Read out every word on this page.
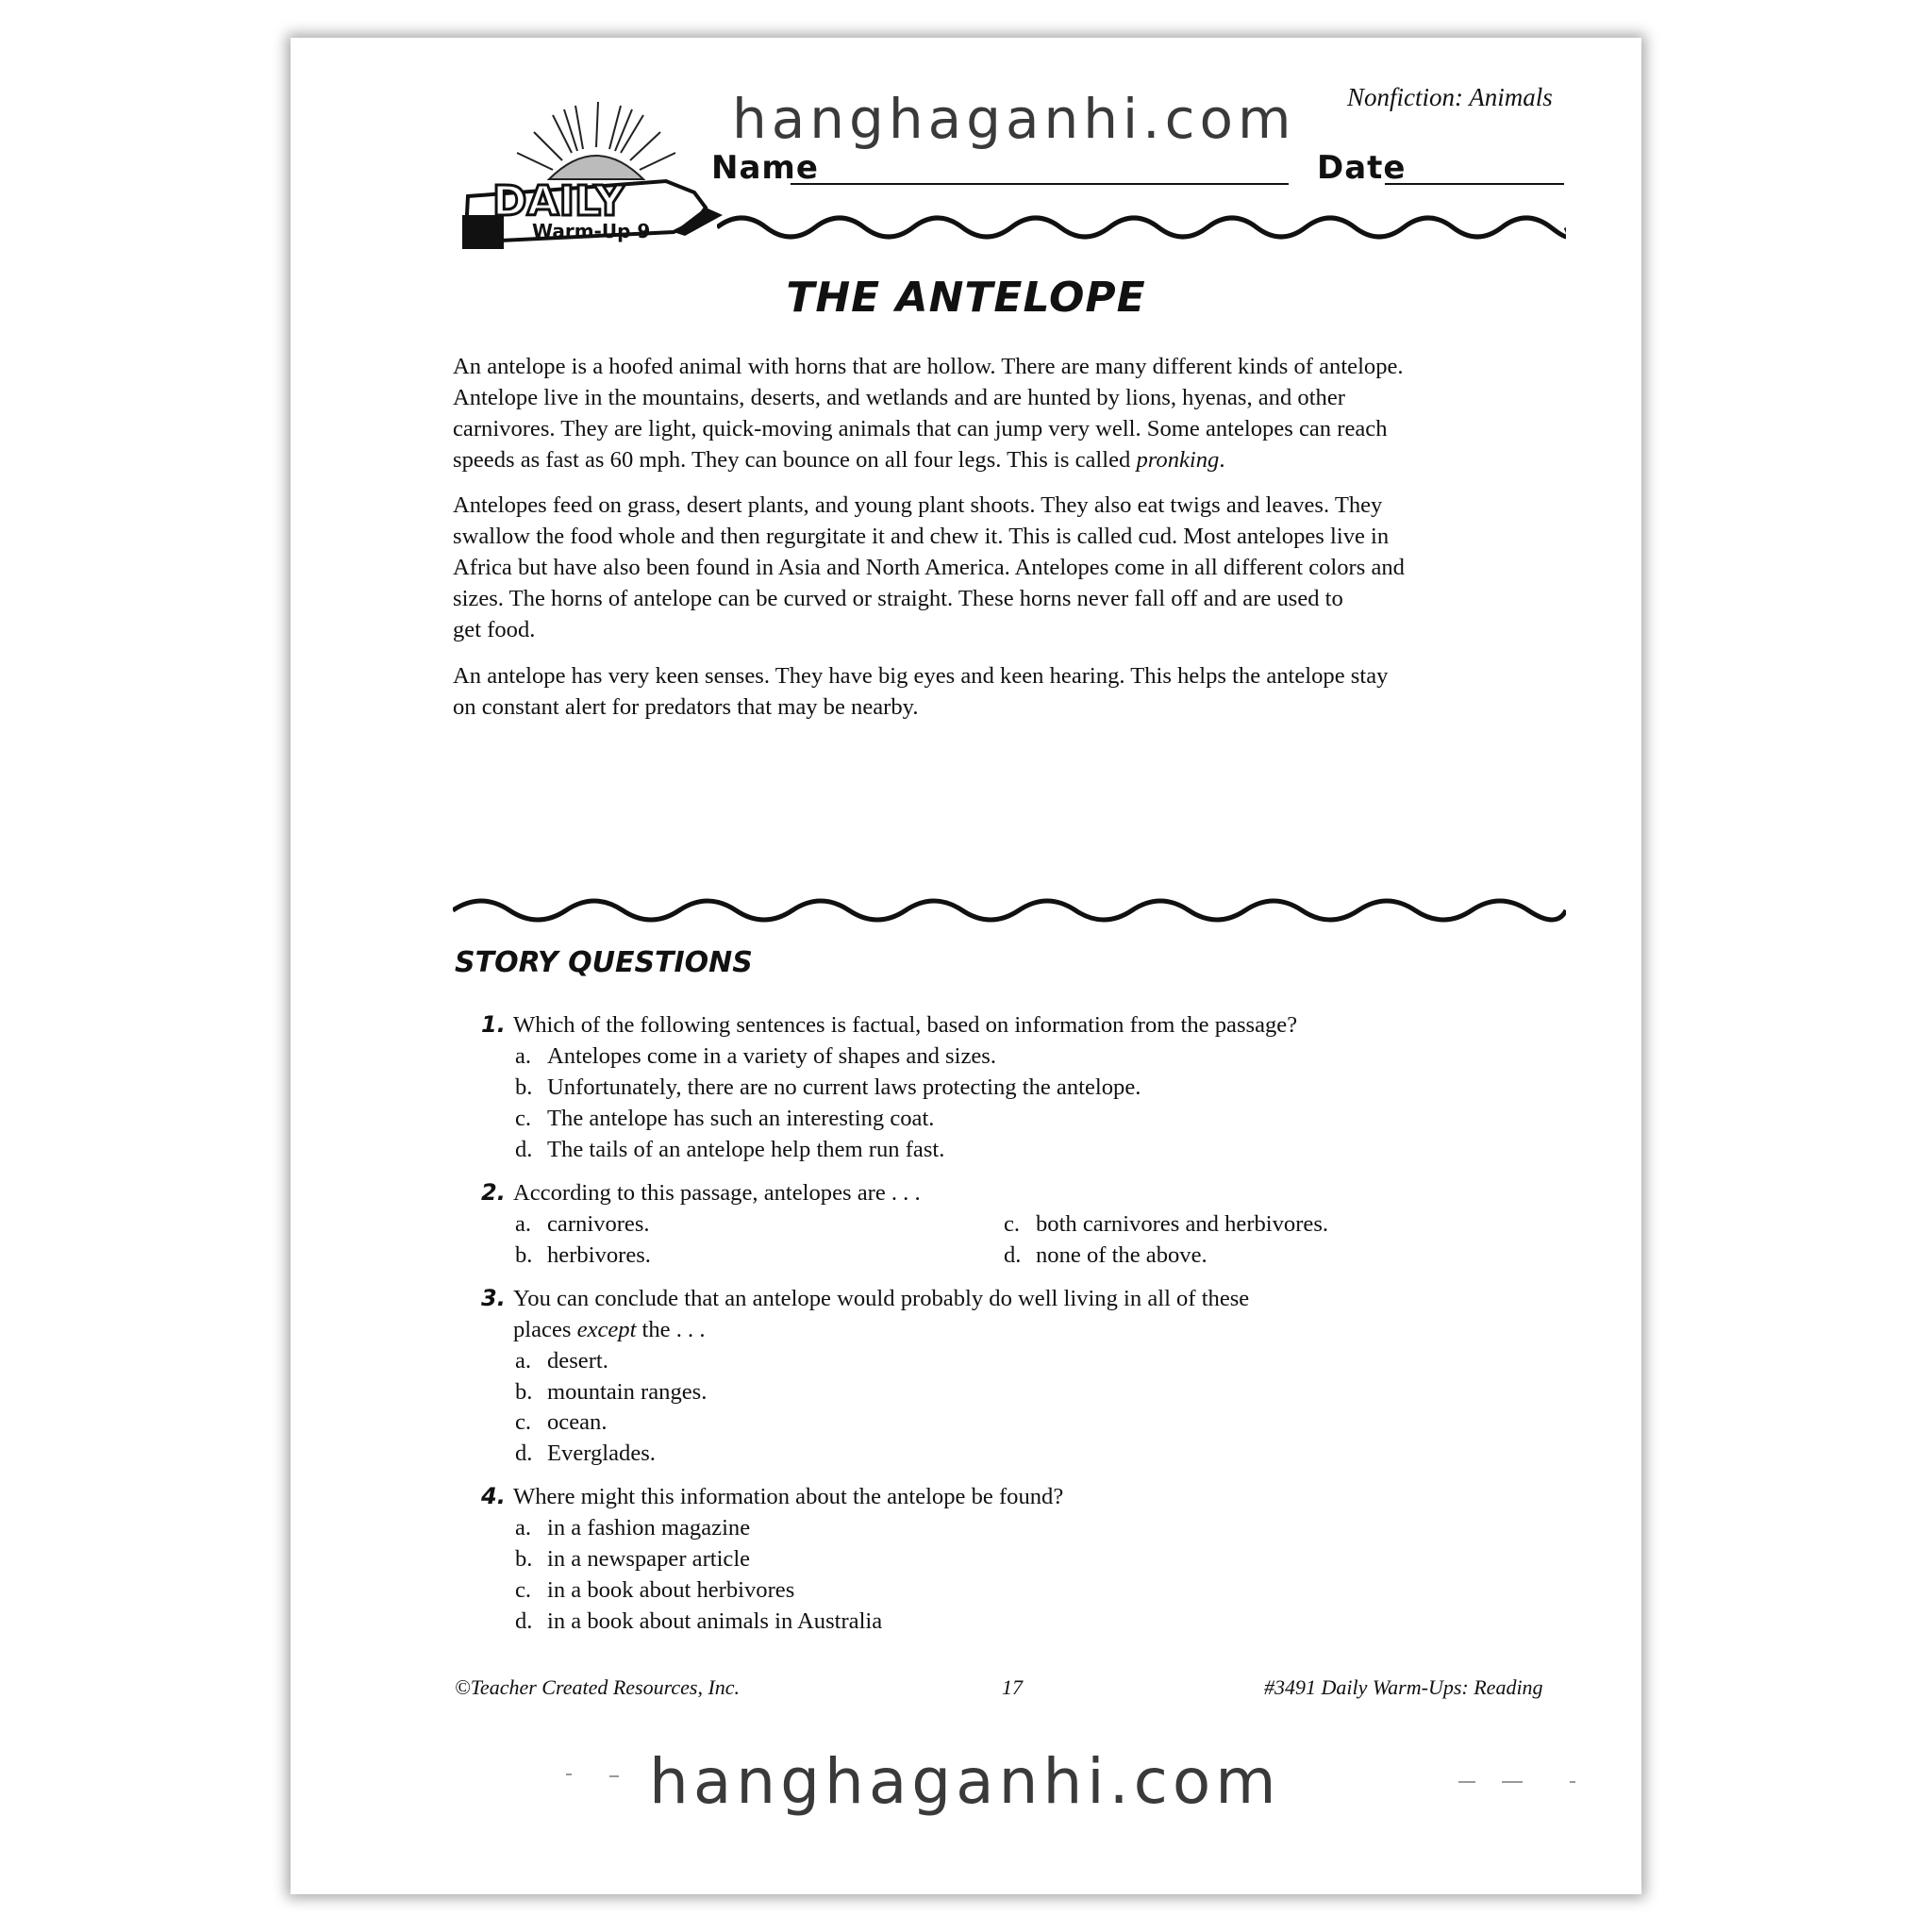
Nonfiction: Animals
DAILY
Warm-Up 9
hanghaganhi.com
Name	Date
THE ANTELOPE
An antelope is a hoofed animal with horns that are hollow. There are many different kinds of antelope.
Antelope live in the mountains, deserts, and wetlands and are hunted by lions, hyenas, and other
carnivores. They are light, quick-moving animals that can jump very well. Some antelopes can reach
speeds as fast as 60 mph. They can bounce on all four legs. This is called pronking.
Antelopes feed on grass, desert plants, and young plant shoots. They also eat twigs and leaves. They
swallow the food whole and then regurgitate it and chew it. This is called cud. Most antelopes live in
Africa but have also been found in Asia and North America. Antelopes come in all different colors and
sizes. The horns of antelope can be curved or straight. These horns never fall off and are used to
get food.
An antelope has very keen senses. They have big eyes and keen hearing. This helps the antelope stay
on constant alert for predators that may be nearby.
STORY QUESTIONS
1. Which of the following sentences is factual, based on information from the passage?
a. Antelopes come in a variety of shapes and sizes.
b. Unfortunately, there are no current laws protecting the antelope.
c. The antelope has such an interesting coat.
d. The tails of an antelope help them run fast.
2. According to this passage, antelopes are . . .
a. carnivores.
b. herbivores.
c. both carnivores and herbivores.
d. none of the above.
3. You can conclude that an antelope would probably do well living in all of these
places except the . . .
a. desert.
b. mountain ranges.
c. ocean.
d. Everglades.
4. Where might this information about the antelope be found?
a. in a fashion magazine
b. in a newspaper article
c. in a book about herbivores
d. in a book about animals in Australia
©Teacher Created Resources, Inc.	17	#3491 Daily Warm-Ups: Reading
hanghaganhi.com
